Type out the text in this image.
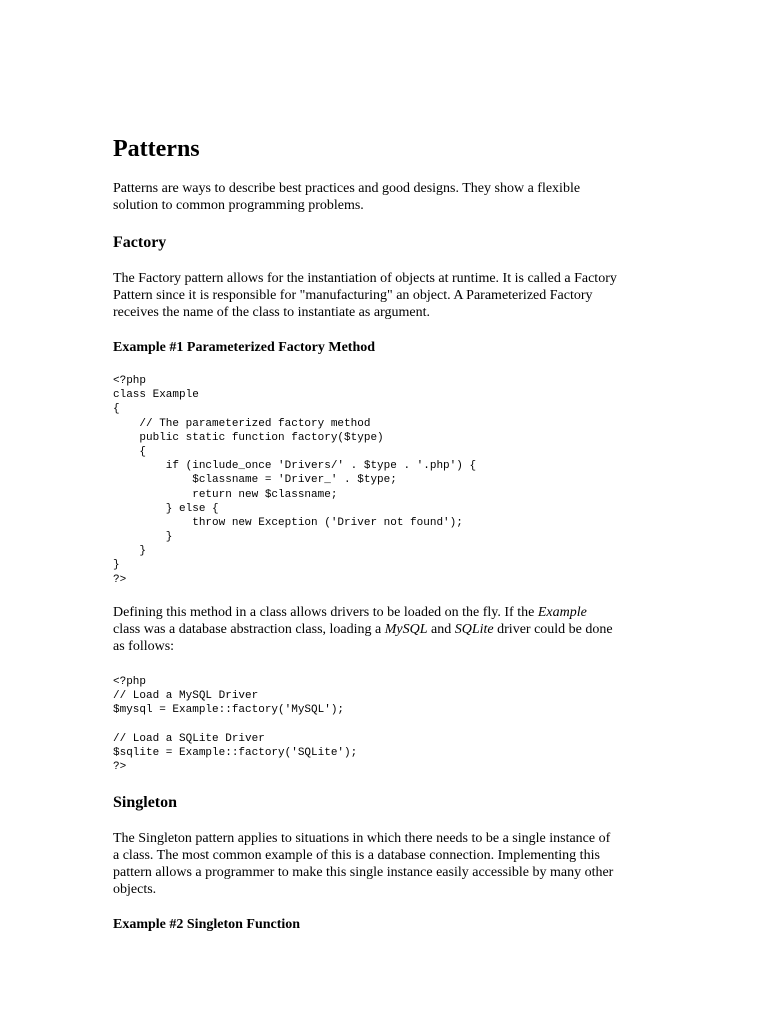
Patterns

Patterns are ways to describe best practices and good designs. They show a flexible
solution to common programming problems.

Factory

The Factory pattern allows for the instantiation of objects at runtime. It is called a Factory
Pattern since it is responsible for "manufacturing" an object. A Parameterized Factory
receives the name of the class to instantiate as argument.

Example #1 Parameterized Factory Method
<?php
class Example
{
// The parameterized factory method
public static function factory($type)
{
if (include_once 'Drivers/' . $type . '.php') {
$classname = 'Driver_' . $type;
return new $classname;
} else {
throw new Exception ('Driver not found');
}
}
}
?>

Defining this method in a class allows drivers to be loaded on the fly. If the Example
class was a database abstraction class, loading a MySQL and SQLite driver could be done
as follows:

<?php
// Load a MySQL Driver
$mysql = Example::factory('MySQL');
// Load a SQLite Driver
$sqlite = Example::factory('SQLite');
?>
Singleton

The Singleton pattern applies to situations in which there needs to be a single instance of
a class. The most common example of this is a database connection. Implementing this
pattern allows a programmer to make this single instance easily accessible by many other
objects.

Example #2 Singleton Function
